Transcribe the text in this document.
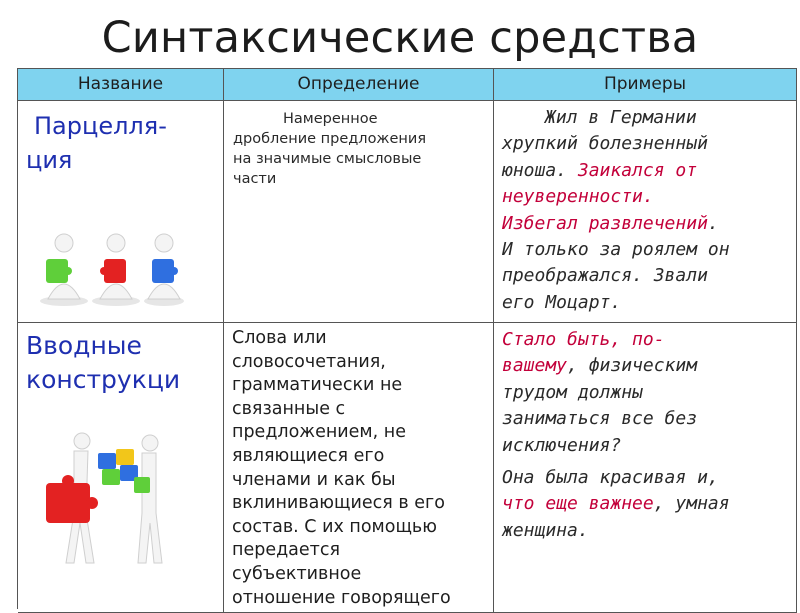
Синтаксические средства
Название	Определение	Примеры
Парцелля-
ция
Намеренное
дробление предложения
на значимые смысловые
части
Жил в Германии
хрупкий болезненный
юноша. Заикался от
неуверенности.
Избегал развлечений.
И только за роялем он
преображался. Звали
его Моцарт.
Вводные
конструкци
Слова или
словосочетания,
грамматически не
связанные с
предложением, не
являющиеся его
членами и как бы
вклинивающиеся в его
состав. С их помощью
передается
субъективное
отношение говорящего
Стало быть, по-
вашему, физическим
трудом должны
заниматься все без
исключения?
Она была красивая и,
что еще важнее, умная
женщина.
